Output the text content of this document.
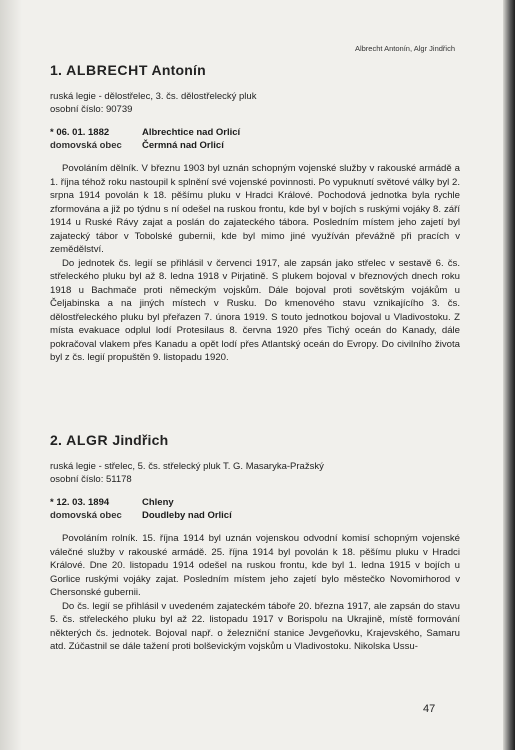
Albrecht Antonín, Algr Jindřich
1. ALBRECHT Antonín
ruská legie - dělostřelec, 3. čs. dělostřelecký pluk
osobní číslo: 90739
* 06. 01. 1882	Albrechtice nad Orlicí
domovská obec	Čermná nad Orlicí

Povoláním dělník. V březnu 1903 byl uznán schopným vojenské služby v rakouské armádě a 1. října téhož roku nastoupil k splnění své vojenské povinnosti. Po vypuknutí světové války byl 2. srpna 1914 povolán k 18. pěšímu pluku v Hradci Králové. Pochodová jednotka byla rychle zformována a již po týdnu s ní odešel na ruskou frontu, kde byl v bojích s ruskými vojáky 8. září 1914 u Ruské Rávy zajat a poslán do zajateckého tábora. Posledním místem jeho zajetí byl zajatecký tábor v Tobolské gubernii, kde byl mimo jiné využíván převážně při pracích v zemědělství.

Do jednotek čs. legií se přihlásil v červenci 1917, ale zapsán jako střelec v sestavě 6. čs. střeleckého pluku byl až 8. ledna 1918 v Pirjatině. S plukem bojoval v březnových dnech roku 1918 u Bachmače proti německým vojskům. Dále bojoval proti sovětským vojákům u Čeljabinska a na jiných místech v Rusku. Do kmenového stavu vznikajícího 3. čs. dělostřeleckého pluku byl přeřazen 7. února 1919. S touto jednotkou bojoval u Vladivostoku. Z místa evakuace odplul lodí Protesilaus 8. června 1920 přes Tichý oceán do Kanady, dále pokračoval vlakem přes Kanadu a opět lodí přes Atlantský oceán do Evropy. Do civilního života byl z čs. legií propuštěn 9. listopadu 1920.

2. ALGR Jindřich
ruská legie - střelec, 5. čs. střelecký pluk T. G. Masaryka-Pražský
osobní číslo: 51178
* 12. 03. 1894	Chleny
domovská obec	Doudleby nad Orlicí

Povoláním rolník. 15. října 1914 byl uznán vojenskou odvodní komisí schopným vojenské válečné služby v rakouské armádě. 25. října 1914 byl povolán k 18. pěšímu pluku v Hradci Králové. Dne 20. listopadu 1914 odešel na ruskou frontu, kde byl 1. ledna 1915 v bojích u Gorlice ruskými vojáky zajat. Posledním místem jeho zajetí bylo městečko Novomirhorod v Chersonské gubernii.

Do čs. legií se přihlásil v uvedeném zajateckém táboře 20. března 1917, ale zapsán do stavu 5. čs. střeleckého pluku byl až 22. listopadu 1917 v Borispolu na Ukrajině, místě formování některých čs. jednotek. Bojoval např. o železniční stanice Jevgeňovku, Krajevského, Samaru atd. Zúčastnil se dále tažení proti bolševickým vojskům u Vladivostoku. Nikolska Ussu-

47
